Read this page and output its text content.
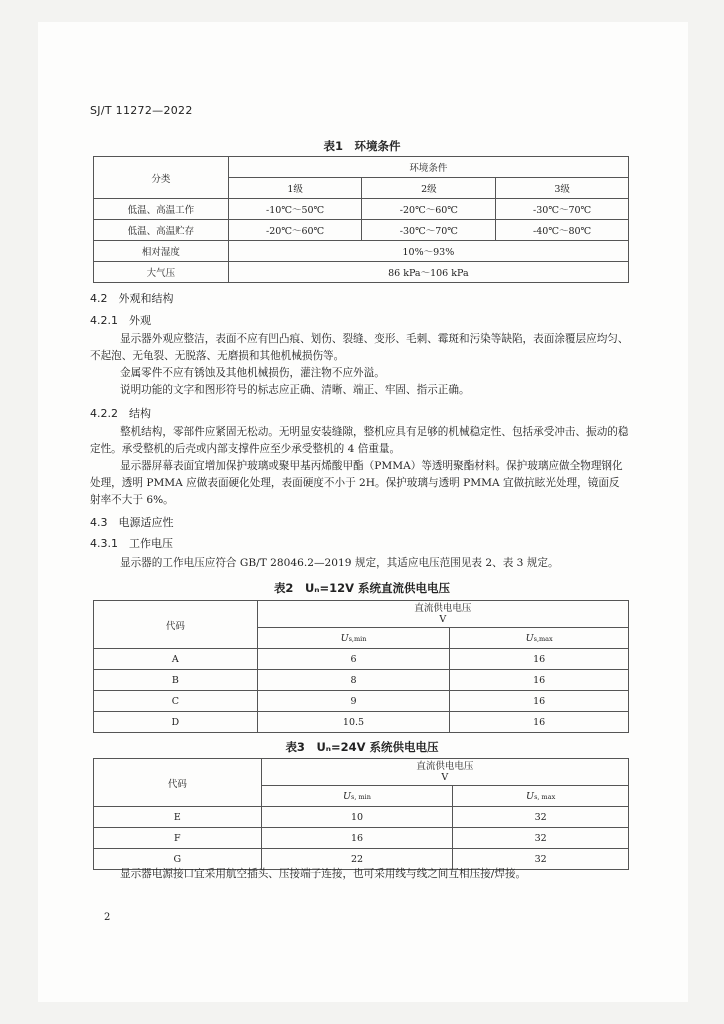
SJ/T 11272—2022
表1　环境条件
分类	环境条件		
	1级	2级	3级
低温、高温工作	-10℃～50℃	-20℃～60℃	-30℃～70℃
低温、高温贮存	-20℃～60℃	-30℃～70℃	-40℃～80℃
相对湿度	10%～93%		
大气压	86 kPa～106 kPa		
4.2　外观和结构
4.2.1　外观
显示器外观应整洁，表面不应有凹凸痕、划伤、裂缝、变形、毛刺、霉斑和污染等缺陷，表面涂覆层应均匀、不起泡、无龟裂、无脱落、无磨损和其他机械损伤等。
金属零件不应有锈蚀及其他机械损伤，灌注物不应外溢。
说明功能的文字和图形符号的标志应正确、清晰、端正、牢固、指示正确。
4.2.2　结构
整机结构，零部件应紧固无松动。无明显安装缝隙，整机应具有足够的机械稳定性、包括承受冲击、振动的稳定性。承受整机的后壳或内部支撑件应至少承受整机的 4 倍重量。
显示器屏幕表面宜增加保护玻璃或聚甲基丙烯酸甲酯（PMMA）等透明聚酯材料。保护玻璃应做全物理钢化处理，透明 PMMA 应做表面硬化处理，表面硬度不小于 2H。保护玻璃与透明 PMMA 宜做抗眩光处理，镜面反射率不大于 6%。
4.3　电源适应性
4.3.1　工作电压
显示器的工作电压应符合 GB/T 28046.2—2019 规定，其适应电压范围见表 2、表 3 规定。
表2　Uₙ=12V 系统直流供电电压
代码	直流供电电压
V	
	Us,min	Us,max
A	6	16
B	8	16
C	9	16
D	10.5	16
表3　Uₙ=24V 系统供电电压
代码	直流供电电压
V	
	Us, min	Us, max
E	10	32
F	16	32
G	22	32
显示器电源接口宜采用航空插头、压接端子连接，也可采用线与线之间互相压接/焊接。
2
